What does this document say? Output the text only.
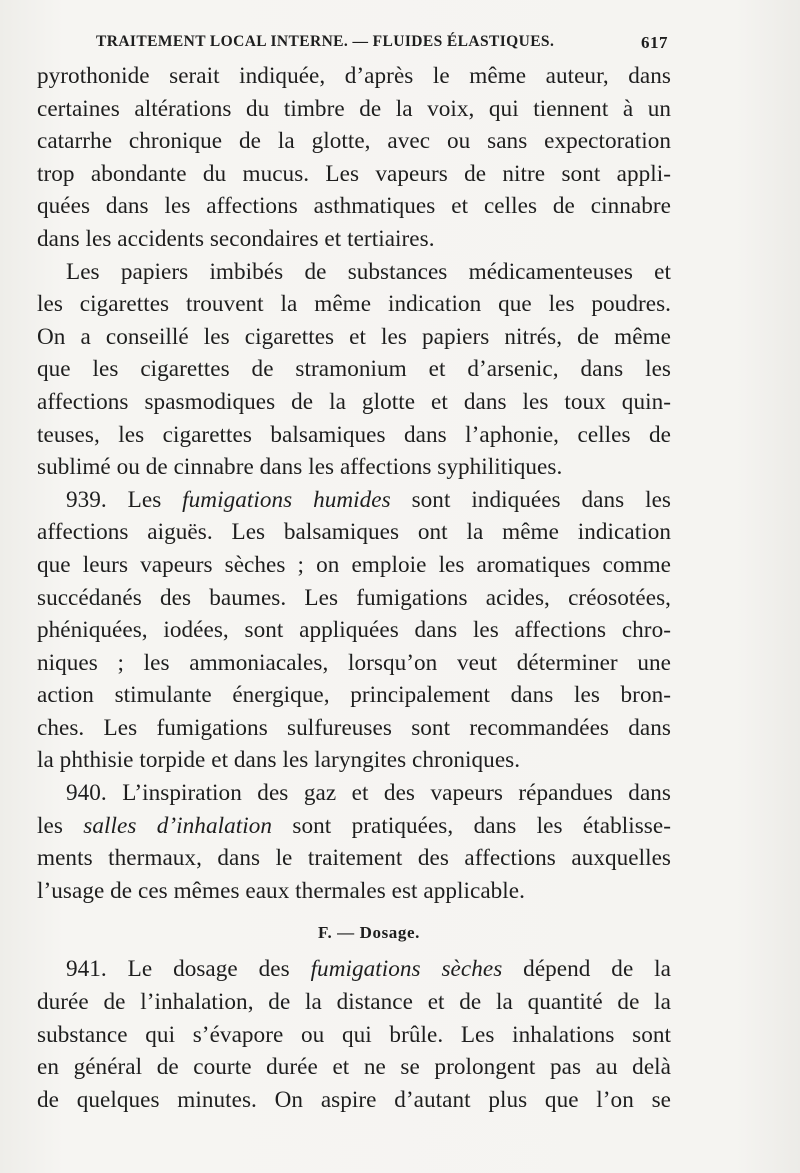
TRAITEMENT LOCAL INTERNE. — FLUIDES ÉLASTIQUES.	617
pyrothonide serait indiquée, d’après le même auteur, dans
certaines altérations du timbre de la voix, qui tiennent à un
catarrhe chronique de la glotte, avec ou sans expectoration
trop abondante du mucus. Les vapeurs de nitre sont appli-
quées dans les affections asthmatiques et celles de cinnabre
dans les accidents secondaires et tertiaires.
Les papiers imbibés de substances médicamenteuses et
les cigarettes trouvent la même indication que les poudres.
On a conseillé les cigarettes et les papiers nitrés, de même
que les cigarettes de stramonium et d’arsenic, dans les
affections spasmodiques de la glotte et dans les toux quin-
teuses, les cigarettes balsamiques dans l’aphonie, celles de
sublimé ou de cinnabre dans les affections syphilitiques.
939. Les fumigations humides sont indiquées dans les
affections aiguës. Les balsamiques ont la même indication
que leurs vapeurs sèches ; on emploie les aromatiques comme
succédanés des baumes. Les fumigations acides, créosotées,
phéniquées, iodées, sont appliquées dans les affections chro-
niques ; les ammoniacales, lorsqu’on veut déterminer une
action stimulante énergique, principalement dans les bron-
ches. Les fumigations sulfureuses sont recommandées dans
la phthisie torpide et dans les laryngites chroniques.
940. L’inspiration des gaz et des vapeurs répandues dans
les salles d’inhalation sont pratiquées, dans les établisse-
ments thermaux, dans le traitement des affections auxquelles
l’usage de ces mêmes eaux thermales est applicable.
F. — Dosage.
941. Le dosage des fumigations sèches dépend de la
durée de l’inhalation, de la distance et de la quantité de la
substance qui s’évapore ou qui brûle. Les inhalations sont
en général de courte durée et ne se prolongent pas au delà
de quelques minutes. On aspire d’autant plus que l’on se
